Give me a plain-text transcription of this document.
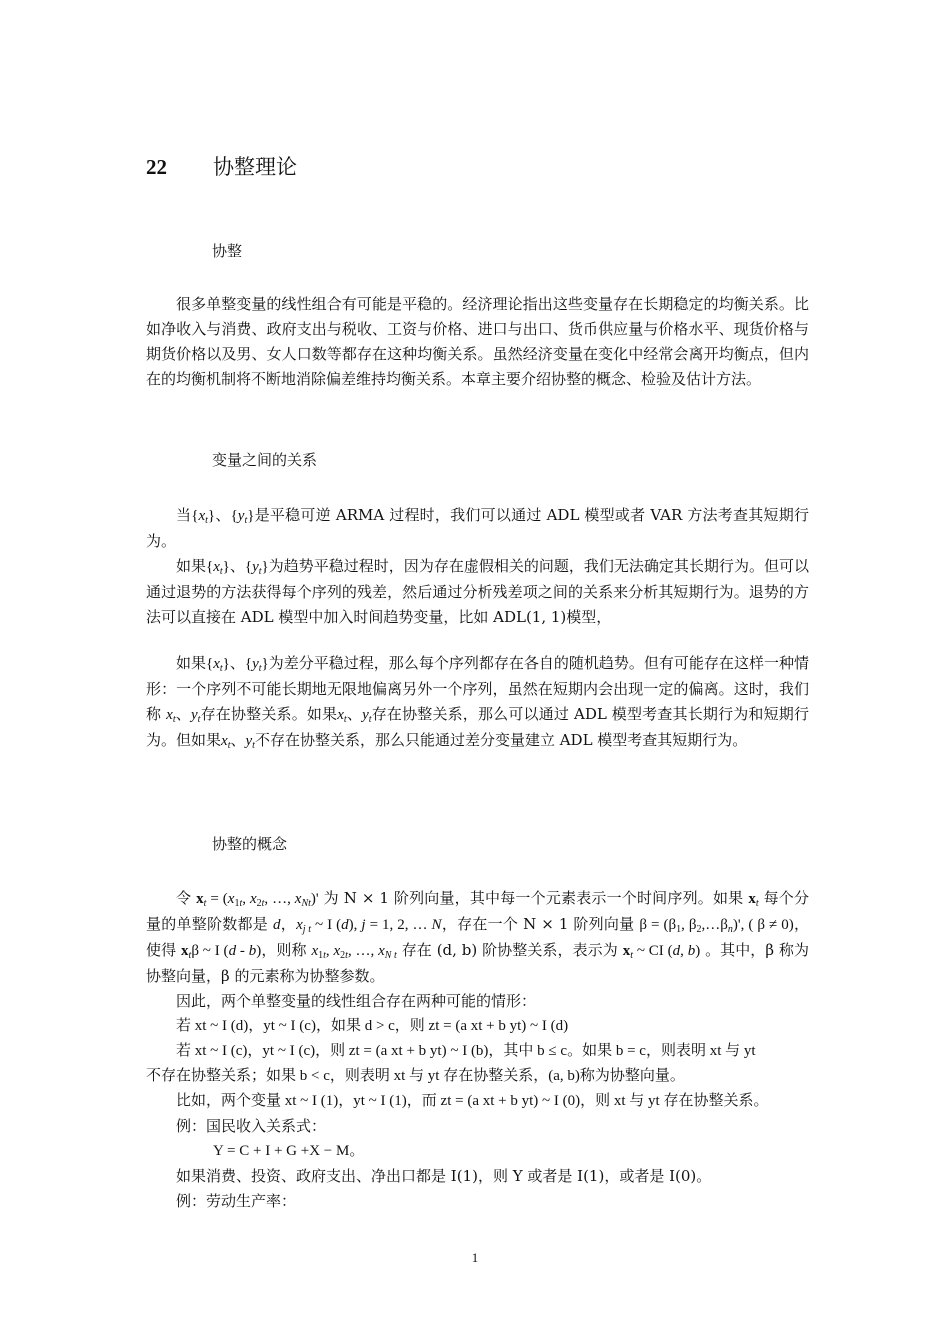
22 协整理论
协整

很多单整变量的线性组合有可能是平稳的。经济理论指出这些变量存在长期稳定的均衡关系。比如净收入与消费、政府支出与税收、工资与价格、进口与出口、货币供应量与价格水平、现货价格与期货价格以及男、女人口数等都存在这种均衡关系。虽然经济变量在变化中经常会离开均衡点，但内在的均衡机制将不断地消除偏差维持均衡关系。本章主要介绍协整的概念、检验及估计方法。

变量之间的关系

当$\{x_t\}$、$\{y_t\}$是平稳可逆 ARMA 过程时，我们可以通过 ADL 模型或者 VAR 方法考查其短期行为。

如果$\{x_t\}$、$\{y_t\}$为趋势平稳过程时，因为存在虚假相关的问题，我们无法确定其长期行为。但可以通过退势的方法获得每个序列的残差，然后通过分析残差项之间的关系来分析其短期行为。退势的方法可以直接在 ADL 模型中加入时间趋势变量，比如 ADL(1, 1)模型，

如果$\{x_t\}$、$\{y_t\}$为差分平稳过程，那么每个序列都存在各自的随机趋势。但有可能存在这样一种情形：一个序列不可能长期地无限地偏离另外一个序列，虽然在短期内会出现一定的偏离。这时，我们称 $x_t$、$y_t$存在协整关系。如果$x_t$、$y_t$存在协整关系，那么可以通过 ADL 模型考查其长期行为和短期行为。但如果$x_t$、$y_t$不存在协整关系，那么只能通过差分变量建立 ADL 模型考查其短期行为。

协整的概念

令 $x_t = (x_{1t}$, $x_{2t}$, …, $x_{Nt})'$ 为 N × 1 阶列向量，其中每一个元素表示一个时间序列。如果 $x_t$ 每个分量的单整阶数都是 d，$x_{j t}$ ~ I (d), j = 1, 2, … N，存在一个 N × 1 阶列向量 $\beta = (\beta_1$, $\beta_2,\dots\beta_n)'$, ( β ≠ 0)，使得 $x_t\beta$ ~ I (d - b)，则称 $x_{1t}$, $x_{2t}$, …, $x_{N t}$ 存在 (d, b) 阶协整关系，表示为 $x_t$ ~ CI (d, b) 。其中，β 称为协整向量，β 的元素称为协整参数。

因此，两个单整变量的线性组合存在两种可能的情形：

若 xt ~ I (d)，yt ~ I (c)，如果 d > c，则 zt = (a xt + b yt) ~ I (d)

若 xt ~ I (c)，yt ~ I (c)，则 zt = (a xt + b yt) ~ I (b)，其中 b ≤ c。如果 b = c，则表明 xt 与 yt

不存在协整关系；如果 b < c，则表明 xt 与 yt 存在协整关系，(a, b)称为协整向量。

比如，两个变量 xt ~ I (1)，yt ~ I (1)，而 zt = (a xt + b yt) ~ I (0)，则 xt 与 yt 存在协整关系。

例：国民收入关系式：

Y = C + I + G +X − M。

如果消费、投资、政府支出、净出口都是 I(1)，则 Y 或者是 I(1)，或者是 I(0)。

例：劳动生产率：

1
